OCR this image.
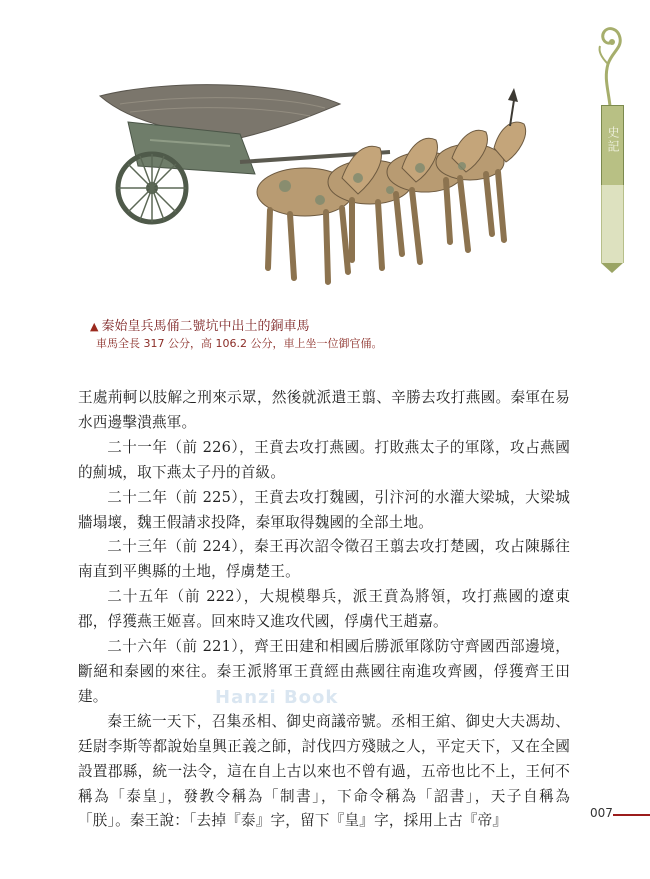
史記
▲ 秦始皇兵馬俑二號坑中出土的銅車馬
車馬全長 317 公分，高 106.2 公分，車上坐一位御官俑。

王處荊軻以肢解之刑來示眾，然後就派遣王翦、辛勝去攻打燕國。秦軍在易水西邊擊潰燕軍。

二十一年（前 226），王賁去攻打燕國。打敗燕太子的軍隊，攻占燕國的薊城，取下燕太子丹的首級。

二十二年（前 225），王賁去攻打魏國，引汴河的水灌大梁城，大梁城牆塌壞，魏王假請求投降，秦軍取得魏國的全部土地。

二十三年（前 224），秦王再次詔令徵召王翦去攻打楚國，攻占陳縣往南直到平輿縣的土地，俘虜楚王。

二十五年（前 222），大規模舉兵，派王賁為將領，攻打燕國的遼東郡，俘獲燕王姬喜。回來時又進攻代國，俘虜代王趙嘉。

二十六年（前 221），齊王田建和相國后勝派軍隊防守齊國西部邊境，斷絕和秦國的來往。秦王派將軍王賁經由燕國往南進攻齊國，俘獲齊王田建。

秦王統一天下，召集丞相、御史商議帝號。丞相王綰、御史大夫馮劫、廷尉李斯等都說始皇興正義之師，討伐四方殘賊之人，平定天下，又在全國設置郡縣，統一法令，這在自上古以來也不曾有過，五帝也比不上，王何不稱為「泰皇」，發教令稱為「制書」，下命令稱為「詔書」，天子自稱為「朕」。秦王說：「去掉『泰』字，留下『皇』字，採用上古『帝』

Hanzi Book
007
